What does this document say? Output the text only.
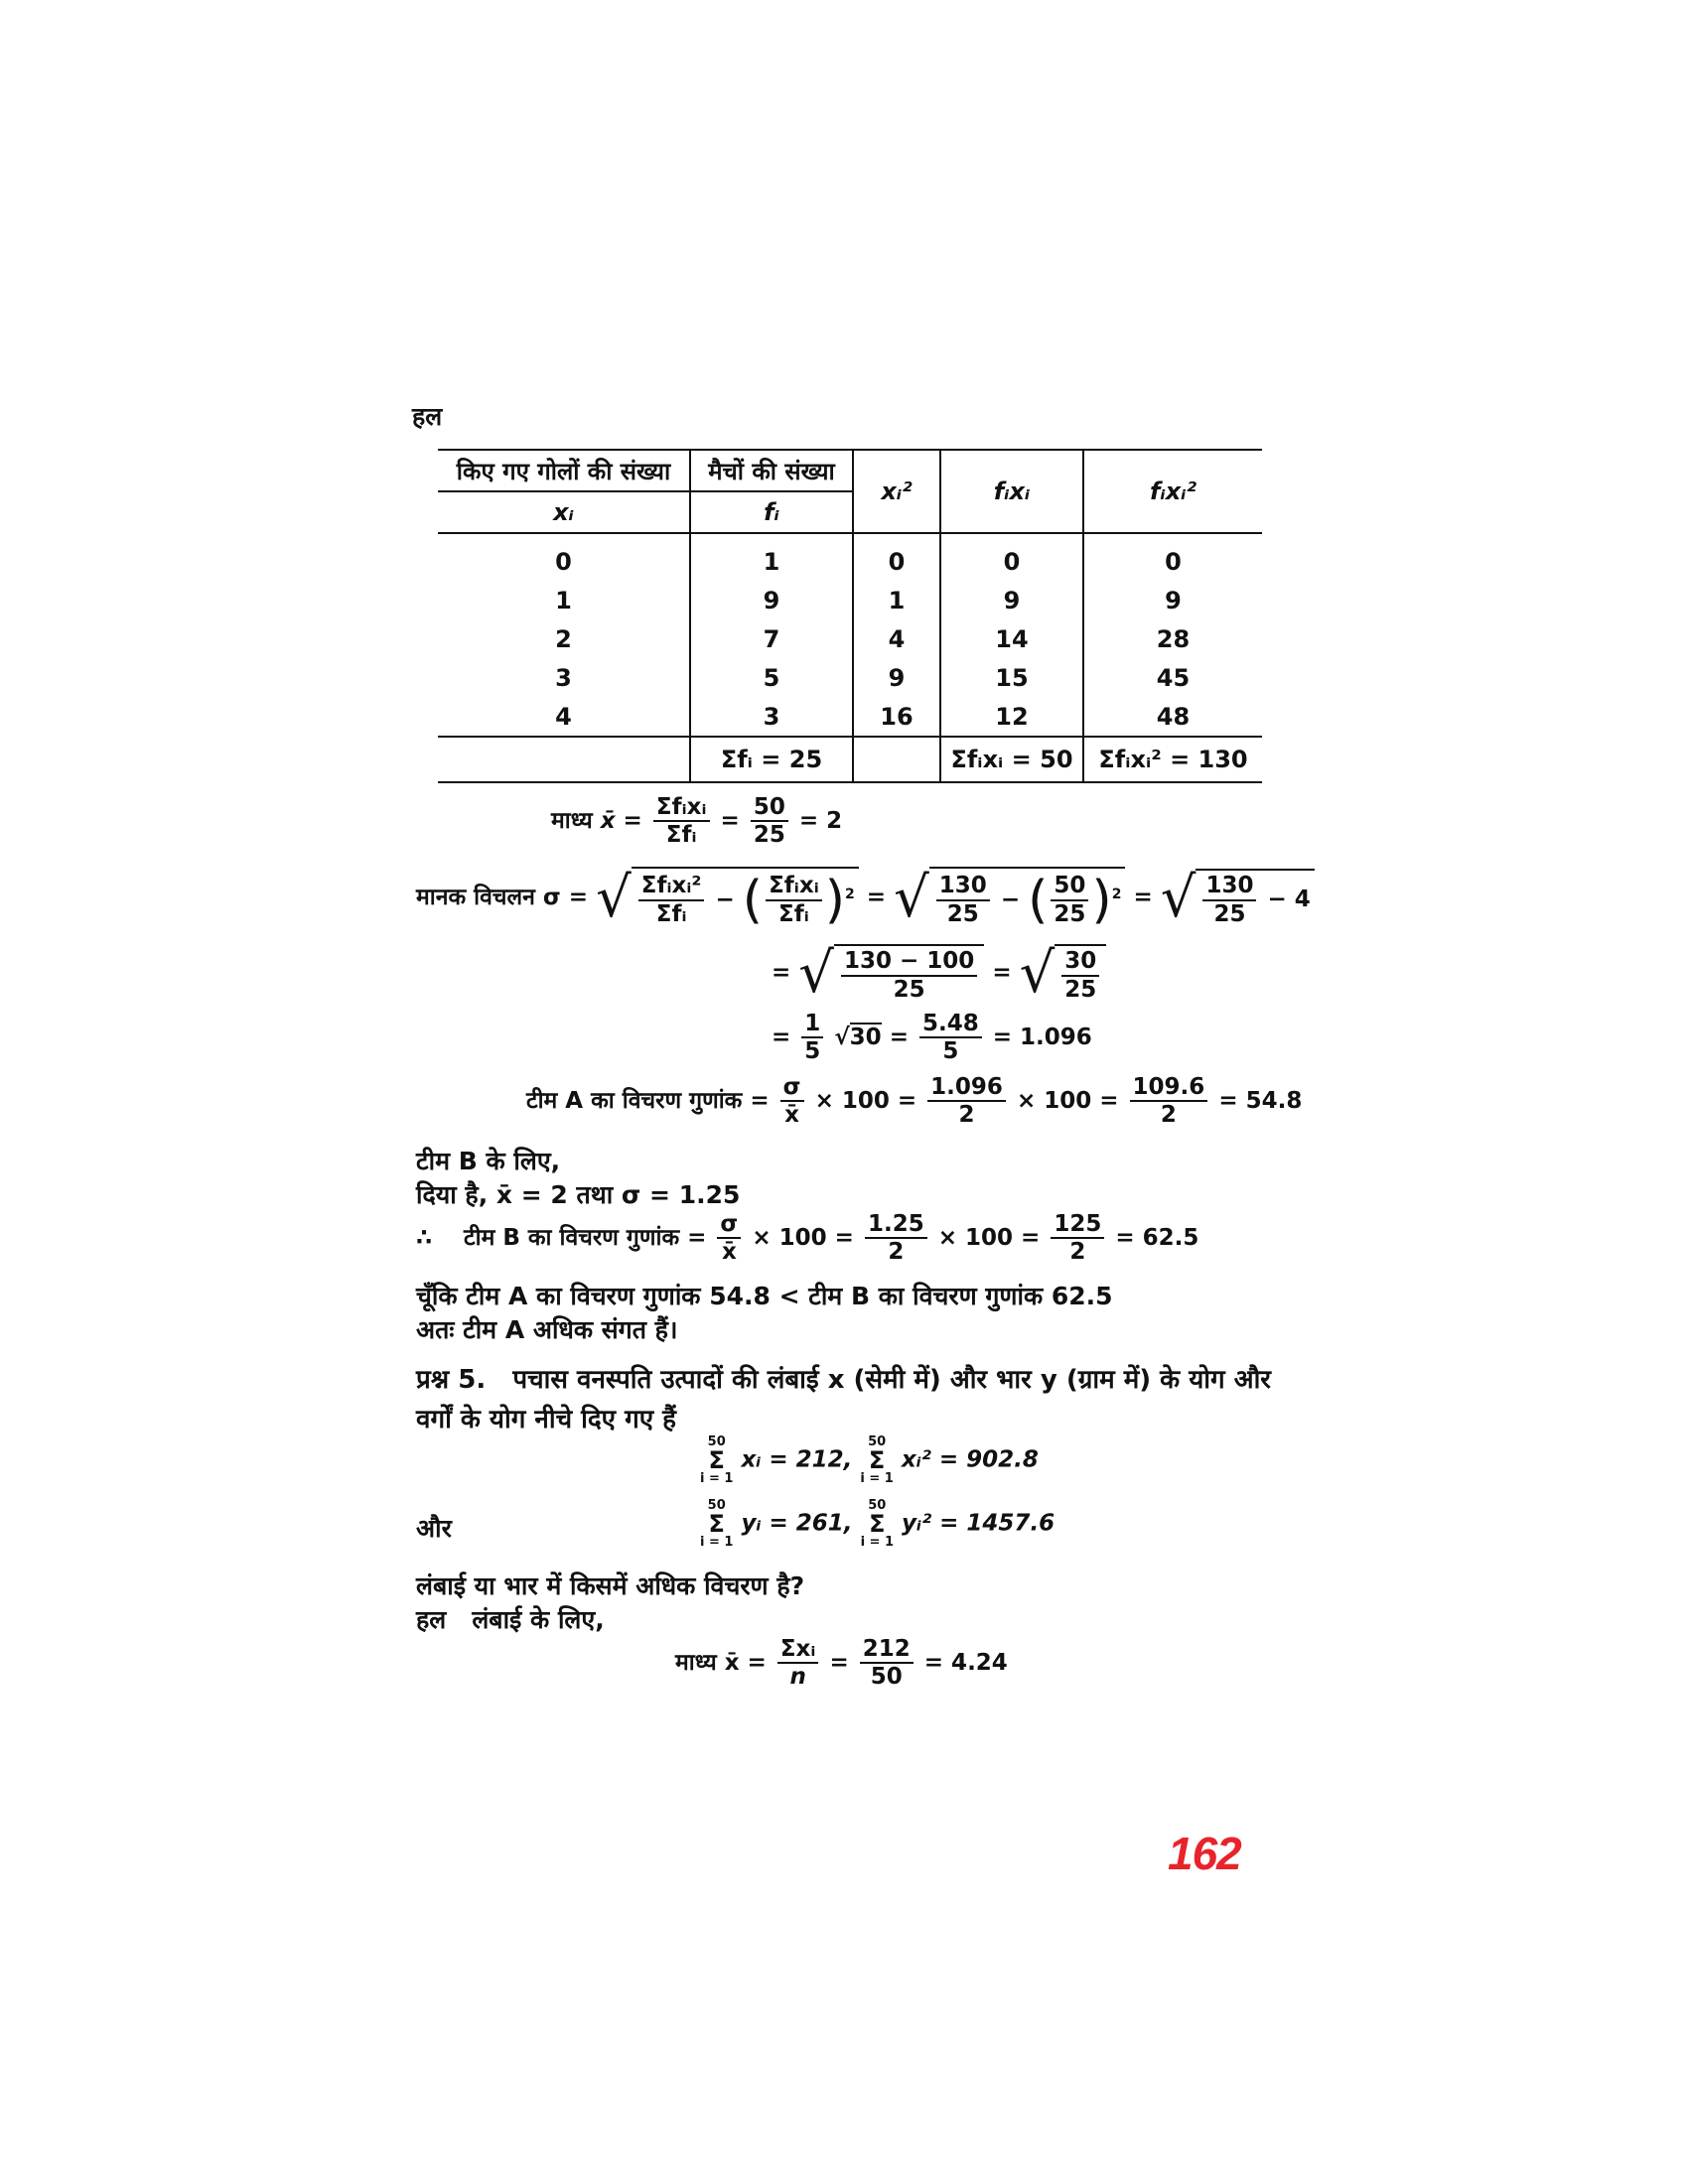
हल
किए गए गोलों की संख्या	मैचों की संख्या	xᵢ²	fᵢxᵢ	fᵢxᵢ²
xᵢ	fᵢ			
0	1	0	0	0
1	9	1	9	9
2	7	4	14	28
3	5	9	15	45
4	3	16	12	48
	Σfᵢ = 25		Σfᵢxᵢ = 50	Σfᵢxᵢ² = 130
माध्य x̄ = $\frac{\text{Σfᵢxᵢ}}{\text{Σfᵢ}} = \frac{50}{25} = 2$
मानक विचलन σ = √ $\frac{\text{Σfᵢxᵢ²}}{\text{Σfᵢ}}$ − ( $\frac{\text{Σfᵢxᵢ}}{\text{Σfᵢ}} )^2$ = √ $\frac{130}{25}$ − ( $\frac{50}{25} )^2$ = √ $\frac{130}{25} - 4$
= √ $\frac{130 - 100}{25}$ = √ $\frac{30}{25}$
= $\frac{1}{5} √30 = \frac{5.48}{5} = 1.096$
टीम A का विचरण गुणांक = $\frac{\sigma}{x̄} \times 100 = \frac{1.096}{2} \times 100 = \frac{109.6}{2} = 54.8$
टीम B के लिए,
दिया है, x̄ = 2 तथा σ = 1.25
∴ टीम B का विचरण गुणांक = $\frac{\sigma}{x̄} \times 100 = \frac{1.25}{2} \times 100 = \frac{125}{2} = 62.5$
चूँकि टीम A का विचरण गुणांक 54.8 < टीम B का विचरण गुणांक 62.5
अतः टीम A अधिक संगत हैं।
प्रश्न 5. पचास वनस्पति उत्पादों की लंबाई x (सेमी में) और भार y (ग्राम में) के योग और
वर्गों के योग नीचे दिए गए हैं
50
Σ
i = 1
xᵢ = 212,
50
Σ
i = 1
xᵢ² = 902.8
और
50
Σ
i = 1
yᵢ = 261,
50
Σ
i = 1
yᵢ² = 1457.6
लंबाई या भार में किसमें अधिक विचरण है?
हल लंबाई के लिए,
माध्य x̄ = $\frac{\text{Σxᵢ}}{n} = \frac{212}{50} = 4.24$
162
